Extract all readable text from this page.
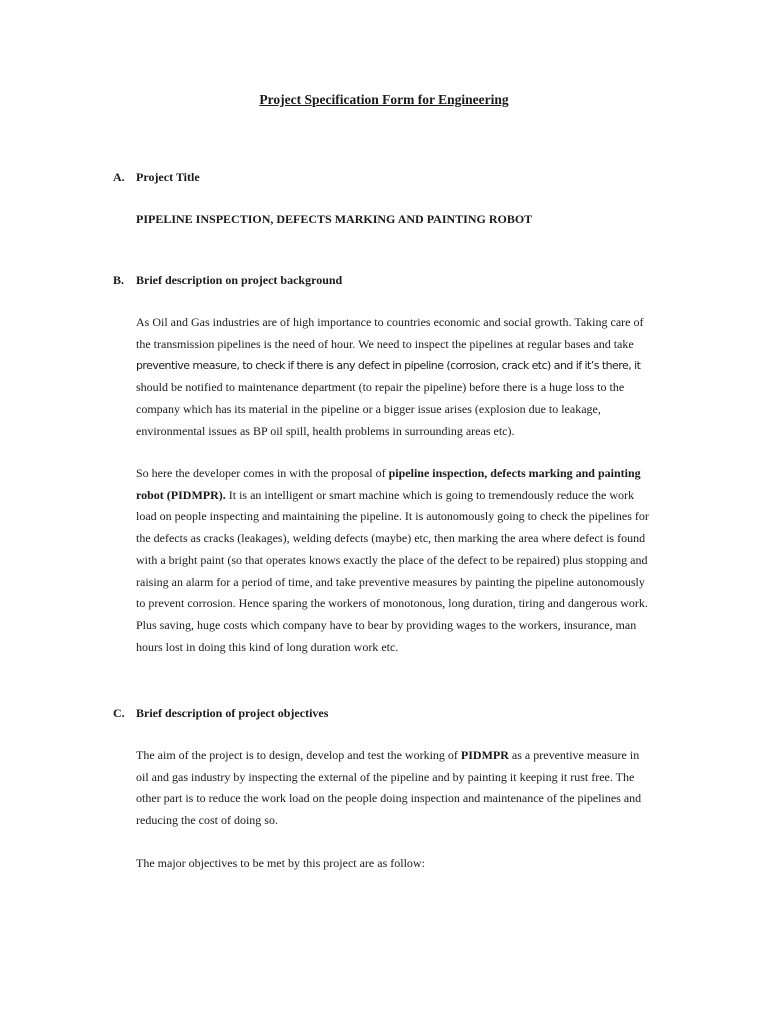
Project Specification Form for Engineering
A. Project Title
PIPELINE INSPECTION, DEFECTS MARKING AND PAINTING ROBOT
B. Brief description on project background
As Oil and Gas industries are of high importance to countries economic and social growth. Taking care of
the transmission pipelines is the need of hour. We need to inspect the pipelines at regular bases and take
preventive measure, to check if there is any defect in pipeline (corrosion, crack etc) and if it’s there, it
should be notified to maintenance department (to repair the pipeline) before there is a huge loss to the
company which has its material in the pipeline or a bigger issue arises (explosion due to leakage,
environmental issues as BP oil spill, health problems in surrounding areas etc).
So here the developer comes in with the proposal of pipeline inspection, defects marking and painting
robot (PIDMPR). It is an intelligent or smart machine which is going to tremendously reduce the work
load on people inspecting and maintaining the pipeline. It is autonomously going to check the pipelines for
the defects as cracks (leakages), welding defects (maybe) etc, then marking the area where defect is found
with a bright paint (so that operates knows exactly the place of the defect to be repaired) plus stopping and
raising an alarm for a period of time, and take preventive measures by painting the pipeline autonomously
to prevent corrosion. Hence sparing the workers of monotonous, long duration, tiring and dangerous work.
Plus saving, huge costs which company have to bear by providing wages to the workers, insurance, man
hours lost in doing this kind of long duration work etc.
C. Brief description of project objectives
The aim of the project is to design, develop and test the working of PIDMPR as a preventive measure in
oil and gas industry by inspecting the external of the pipeline and by painting it keeping it rust free. The
other part is to reduce the work load on the people doing inspection and maintenance of the pipelines and
reducing the cost of doing so.
The major objectives to be met by this project are as follow:
